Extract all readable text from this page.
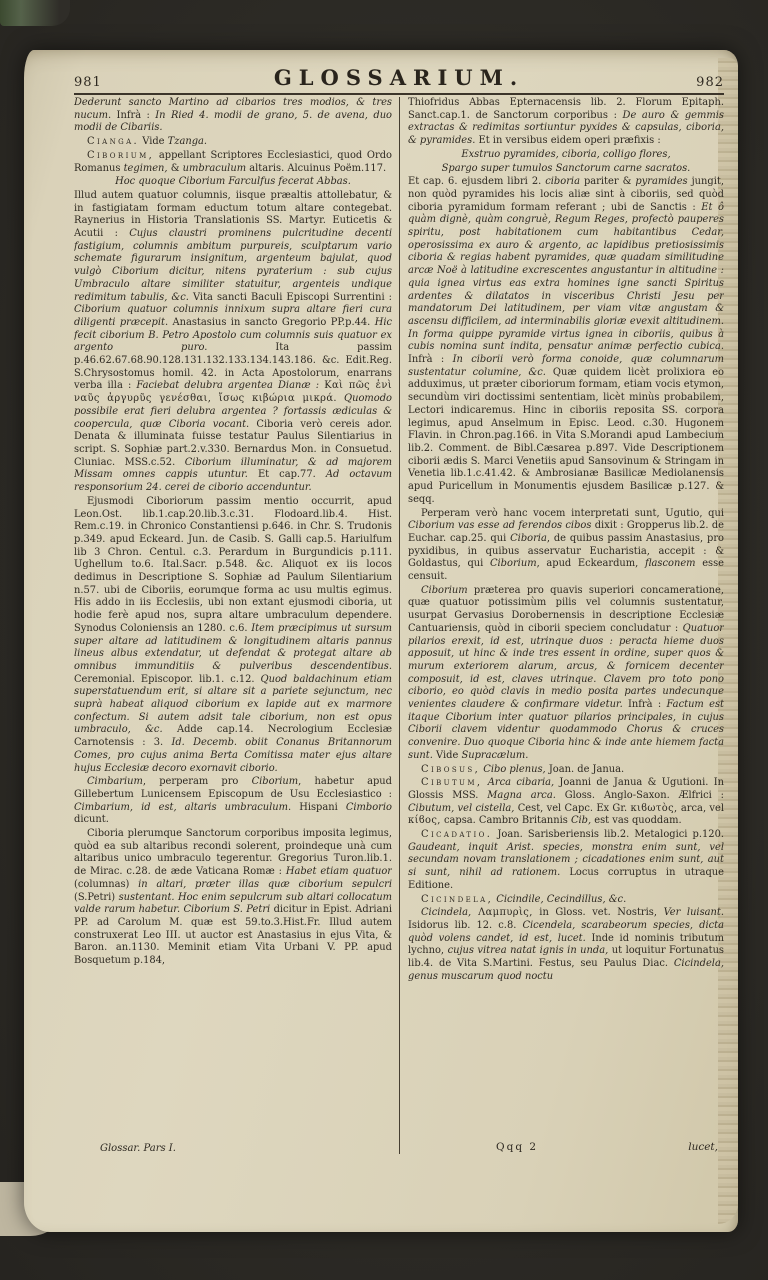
981	GLOSSARIUM.	982

Dederunt sancto Martino ad cibarios tres modios, & tres nucum. Infrà : In Ried 4. modii de grano, 5. de avena, duo modii de Cibariis.

Cianga. Vide Tzanga.

Ciborium, appellant Scriptores Ecclesiastici, quod Ordo Romanus tegimen, & umbraculum altaris. Alcuinus Poëm.117.

Hoc quoque Ciborium Farculfus fecerat Abbas.

Illud autem quatuor columnis, iisque præaltis attollebatur, & in fastigiatam formam eductum totum altare contegebat. Raynerius in Historia Translationis SS. Martyr. Euticetis & Acutii : Cujus claustri prominens pulcritudine decenti fastigium, columnis ambitum purpureis, sculptarum vario schemate figurarum insignitum, argenteum bajulat, quod vulgò Ciborium dicitur, nitens pyraterium : sub cujus Umbraculo altare similiter statuitur, argenteis undique redimitum tabulis, &c. Vita sancti Baculi Episcopi Surrentini : Ciborium quatuor columnis innixum supra altare fieri cura diligenti præcepit. Anastasius in sancto Gregorio PP.p.44. Hic fecit ciborium B. Petro Apostolo cum columnis suis quatuor ex argento puro. Ita passim p.46.62.67.68.90.128.131.132.133.134.143.186. &c. Edit.Reg. S.Chrysostomus homil. 42. in Acta Apostolorum, enarrans verba illa : Faciebat delubra argentea Dianæ : Καὶ πῶς ἐνὶ ναῦς ἀργυρῦς γενέσθαι, ἴσως κιβώρια μικρά. Quomodo possibile erat fieri delubra argentea ? fortassis ædiculas & coopercula, quæ Ciboria vocant. Ciboria verò cereis ador. Denata & illuminata fuisse testatur Paulus Silentiarius in script. S. Sophiæ part.2.v.330. Bernardus Mon. in Consuetud. Cluniac. MSS.c.52. Ciborium illuminatur, & ad majorem Missam omnes cappis utuntur. Et cap.77. Ad octavum responsorium 24. cerei de ciborio accenduntur.

Ejusmodi Ciboriorum passim mentio occurrit, apud Leon.Ost. lib.1.cap.20.lib.3.c.31. Flodoard.lib.4. Hist. Rem.c.19. in Chronico Constantiensi p.646. in Chr. S. Trudonis p.349. apud Eckeard. Jun. de Casib. S. Galli cap.5. Hariulfum lib 3 Chron. Centul. c.3. Perardum in Burgundicis p.111. Ughellum to.6. Ital.Sacr. p.548. &c. Aliquot ex iis locos dedimus in Descriptione S. Sophiæ ad Paulum Silentiarium n.57. ubi de Ciboriis, eorumque forma ac usu multis egimus. His addo in iis Ecclesiis, ubi non extant ejusmodi ciboria, ut hodie ferè apud nos, supra altare umbraculum dependere. Synodus Coloniensis an 1280. c.6. Item præcipimus ut sursum super altare ad latitudinem & longitudinem altaris pannus lineus albus extendatur, ut defendat & protegat altare ab omnibus immunditiis & pulveribus descendentibus. Ceremonial. Episcopor. lib.1. c.12. Quod baldachinum etiam superstatuendum erit, si altare sit a pariete sejunctum, nec suprà habeat aliquod ciborium ex lapide aut ex marmore confectum. Si autem adsit tale ciborium, non est opus umbraculo, &c. Adde cap.14. Necrologium Ecclesiæ Carnotensis : 3. Id. Decemb. obiit Conanus Britannorum Comes, pro cujus anima Berta Comitissa mater ejus altare hujus Ecclesiæ decoro exornavit ciborio.

Cimbarium, perperam pro Ciborium, habetur apud Gillebertum Lunicensem Episcopum de Usu Ecclesiastico : Cimbarium, id est, altaris umbraculum. Hispani Cimborio dicunt.

Ciboria plerumque Sanctorum corporibus imposita legimus, quòd ea sub altaribus recondi solerent, proindeque unà cum altaribus unico umbraculo tegerentur. Gregorius Turon.lib.1. de Mirac. c.28. de æde Vaticana Romæ : Habet etiam quatuor (columnas) in altari, præter illas quæ ciborium sepulcri (S.Petri) sustentant. Hoc enim sepulcrum sub altari collocatum valde rarum habetur. Ciborium S. Petri dicitur in Epist. Adriani PP. ad Carolum M. quæ est 59.to.3.Hist.Fr. Illud autem construxerat Leo III. ut auctor est Anastasius in ejus Vita, & Baron. an.1130. Meminit etiam Vita Urbani V. PP. apud Bosquetum p.184,

Glossar. Pars I.

Thiofridus Abbas Epternacensis lib. 2. Florum Epitaph. Sanct.cap.1. de Sanctorum corporibus : De auro & gemmis extractas & redimitas sortiuntur pyxides & capsulas, ciboria, & pyramides. Et in versibus eidem operi præfixis :

Exstruo pyramides, ciboria, colligo flores,

Spargo super tumulos Sanctorum carne sacratos.

Et cap. 6. ejusdem libri 2. ciboria pariter & pyramides jungit, non quòd pyramides his locis aliæ sint à ciboriis, sed quòd ciboria pyramidum formam referant ; ubi de Sanctis : Et ô quàm dignè, quàm congruè, Regum Reges, profectò pauperes spiritu, post habitationem cum habitantibus Cedar, operosissima ex auro & argento, ac lapidibus pretiosissimis ciboria & regias habent pyramides, quæ quadam similitudine arcæ Noë à latitudine excrescentes angustantur in altitudine : quia ignea virtus eas extra homines igne sancti Spiritus ardentes & dilatatos in visceribus Christi Jesu per mandatorum Dei latitudinem, per viam vitæ angustam & ascensu difficilem, ad interminabilis gloriæ evexit altitudinem. In forma quippe pyramide virtus ignea in ciboriis, quibus à cubis nomina sunt indita, pensatur animæ perfectio cubica. Infrà : In ciborii verò forma conoide, quæ columnarum sustentatur columine, &c. Quæ quidem licèt prolixiora eo adduximus, ut præter ciboriorum formam, etiam vocis etymon, secundùm viri doctissimi sententiam, licèt minùs probabilem, Lectori indicaremus. Hinc in ciboriis reposita SS. corpora legimus, apud Anselmum in Episc. Leod. c.30. Hugonem Flavin. in Chron.pag.166. in Vita S.Morandi apud Lambecium lib.2. Comment. de Bibl.Cæsarea p.897. Vide Descriptionem ciborii ædis S. Marci Venetiis apud Sansovinum & Stringam in Venetia lib.1.c.41.42. & Ambrosianæ Basilicæ Mediolanensis apud Puricellum in Monumentis ejusdem Basilicæ p.127. & seqq.

Perperam verò hanc vocem interpretati sunt, Ugutio, qui Ciborium vas esse ad ferendos cibos dixit : Gropperus lib.2. de Euchar. cap.25. qui Ciboria, de quibus passim Anastasius, pro pyxidibus, in quibus asservatur Eucharistia, accepit : & Goldastus, qui Ciborium, apud Eckeardum, flasconem esse censuit.

Ciborium præterea pro quavis superiori concameratione, quæ quatuor potissimùm pilis vel columnis sustentatur, usurpat Gervasius Dorobernensis in descriptione Ecclesiæ Cantuariensis, quòd in ciborii speciem concludatur : Quatuor pilarios erexit, id est, utrinque duos : peracta hieme duos apposuit, ut hinc & inde tres essent in ordine, super quos & murum exteriorem alarum, arcus, & fornicem decenter composuit, id est, claves utrinque. Clavem pro toto pono ciborio, eo quòd clavis in medio posita partes undecunque venientes claudere & confirmare videtur. Infrà : Factum est itaque Ciborium inter quatuor pilarios principales, in cujus Ciborii clavem videntur quodammodo Chorus & cruces convenire. Duo quoque Ciboria hinc & inde ante hiemem facta sunt. Vide Supracælum.

Cibosus, Cibo plenus, Joan. de Janua.

Cibutum, Arca cibaria, Joanni de Janua & Ugutioni. In Glossis MSS. Magna arca. Gloss. Anglo-Saxon. Ælfrici : Cibutum, vel cistella, Cest, vel Capc. Ex Gr. κιϐωτὸς, arca, vel κίϐος, capsa. Cambro Britannis Cib, est vas quoddam.

Cicadatio. Joan. Sarisberiensis lib.2. Metalogici p.120. Gaudeant, inquit Arist. species, monstra enim sunt, vel secundam novam translationem ; cicadationes enim sunt, aut si sunt, nihil ad rationem. Locus corruptus in utraque Editione.

Cicindela, Cicindile, Cecindillus, &c.

Cicindela, Λαμπυρὶς, in Gloss. vet. Nostris, Ver luisant. Isidorus lib. 12. c.8. Cicendela, scarabeorum species, dicta quòd volens candet, id est, lucet. Inde id nominis tributum lychno, cujus vitrea natat ignis in unda, ut loquitur Fortunatus lib.4. de Vita S.Martini. Festus, seu Paulus Diac. Cicindela, genus muscarum quod noctu

Qqq 2	lucet,
